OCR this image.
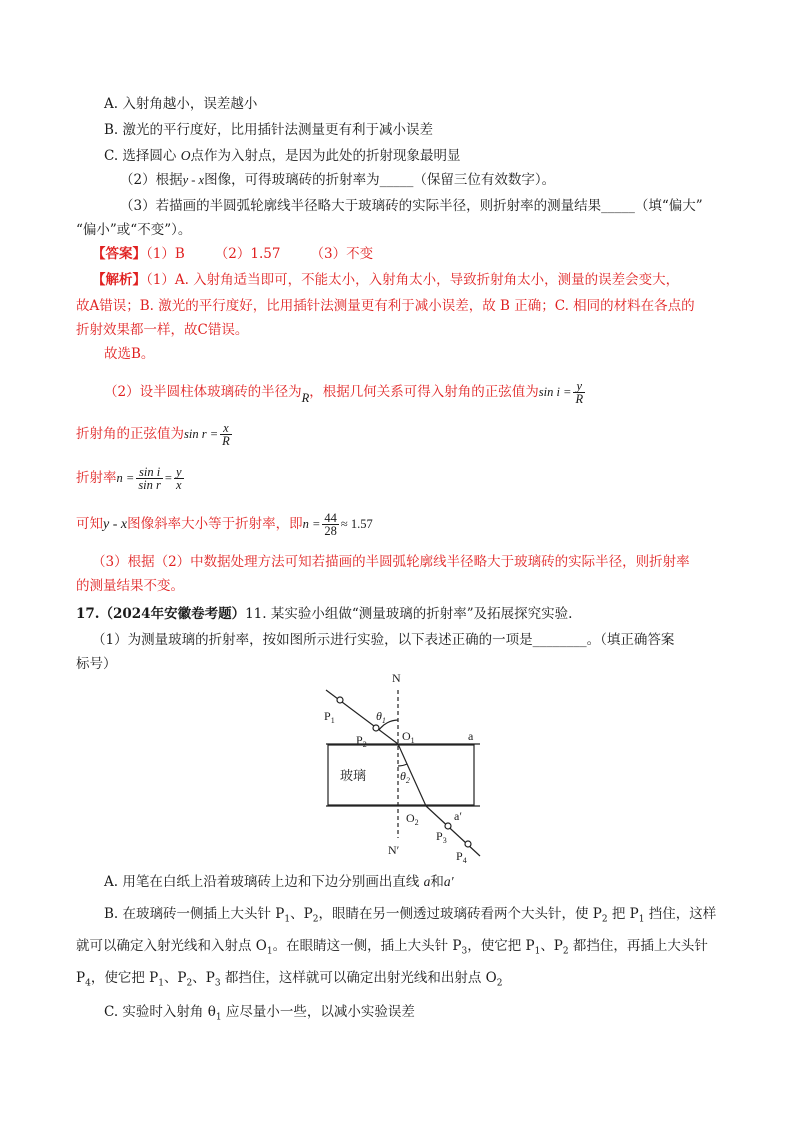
A. 入射角越小，误差越小
B. 激光的平行度好，比用插针法测量更有利于减小误差
C. 选择圆心 O点作为入射点，是因为此处的折射现象最明显
（2）根据y - x图像，可得玻璃砖的折射率为_____（保留三位有效数字）。
（3）若描画的半圆弧轮廓线半径略大于玻璃砖的实际半径，则折射率的测量结果_____（填“偏大”
“偏小”或“不变”）。
【答案】（1）B       （2）1.57       （3）不变
【解析】（1）A. 入射角适当即可，不能太小，入射角太小，导致折射角太小，测量的误差会变大，
故A错误；B. 激光的平行度好，比用插针法测量更有利于减小误差，故 B 正确；C. 相同的材料在各点的
折射效果都一样，故C错误。
故选B。
（2）设半圆柱体玻璃砖的半径为R，根据几何关系可得入射角的正弦值为$\sin i = \frac{y}{R}$
折射角的正弦值为$\sin r = \frac{x}{R}$
折射率$n = \frac{\text{sin i}}{\text{sin r}} = \frac{y}{x}$
可知y - x图像斜率大小等于折射率，即$n = \frac{44}{28} \approx 1.57$
（3）根据（2）中数据处理方法可知若描画的半圆弧轮廓线半径略大于玻璃砖的实际半径，则折射率
的测量结果不变。
17.（2024年安徽卷考题）11. 某实验小组做“测量玻璃的折射率”及拓展探究实验.
（1）为测量玻璃的折射率，按如图所示进行实验，以下表述正确的一项是________。（填正确答案
标号）
N
N′
$P_1$
$P_2$
$O_1$
$O_2$
$P_3$
$P_4$
$\theta_1$
$\theta_2$
a
a′
玻璃
A. 用笔在白纸上沿着玻璃砖上边和下边分别画出直线 a和a′
B. 在玻璃砖一侧插上大头针 $P_1$、$P_2$，眼睛在另一侧透过玻璃砖看两个大头针，使 $P_2$ 把 $P_1$ 挡住，这样
就可以确定入射光线和入射点 $O_1$。在眼睛这一侧，插上大头针 $P_3$，使它把 $P_1$、$P_2$ 都挡住，再插上大头针
$P_4$，使它把 $P_1$、$P_2$、$P_3$ 都挡住，这样就可以确定出射光线和出射点 $O_2$
C. 实验时入射角 $\theta_1$ 应尽量小一些，以减小实验误差
